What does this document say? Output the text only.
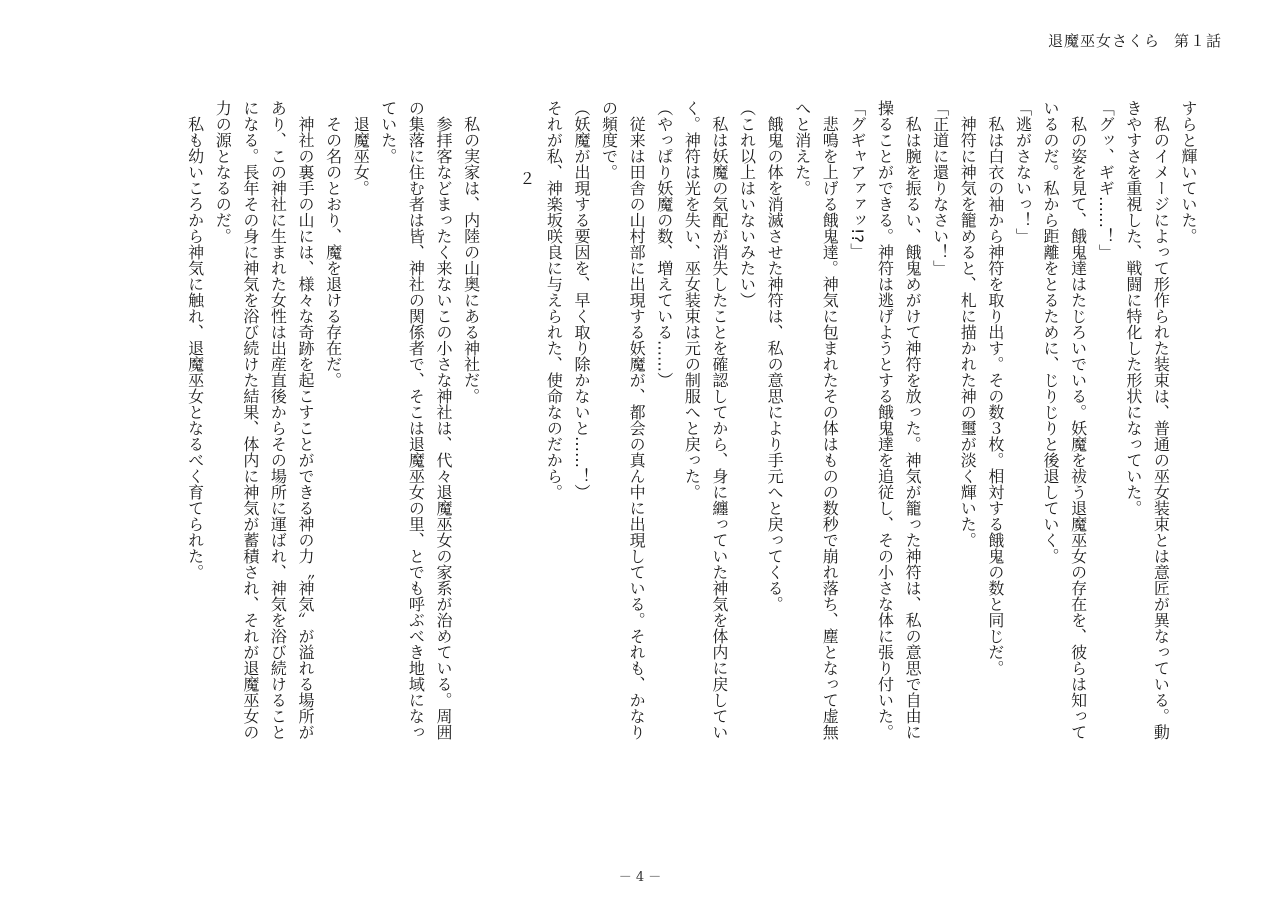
退魔巫女さくら 第１話

すらと輝いていた。

私のイメージによって形作られた装束は、普通の巫女装束とは意匠が異なっている。動

きやすさを重視した、戦闘に特化した形状になっていた。

「グッ、ギギ……！」

私の姿を見て、餓鬼達はたじろいでいる。妖魔を祓う退魔巫女の存在を、彼らは知って

いるのだ。私から距離をとるために、じりじりと後退していく。

「逃がさないっ！」

私は白衣の袖から神符を取り出す。その数３枚。相対する餓鬼の数と同じだ。

神符に神気を籠めると、札に描かれた神の璽が淡く輝いた。

「正道に還りなさい！」

私は腕を振るい、餓鬼めがけて神符を放った。神気が籠った神符は、私の意思で自由に

操ることができる。神符は逃げようとする餓鬼達を追従し、その小さな体に張り付いた。

「グギャアァァッ!?」

悲鳴を上げる餓鬼達。神気に包まれたその体はものの数秒で崩れ落ち、塵となって虚無

へと消えた。

餓鬼の体を消滅させた神符は、私の意思により手元へと戻ってくる。

（これ以上はいないみたい）

私は妖魔の気配が消失したことを確認してから、身に纏っていた神気を体内に戻してい

く。神符は光を失い、巫女装束は元の制服へと戻った。

（やっぱり妖魔の数、増えている……）

従来は田舎の山村部に出現する妖魔が、都会の真ん中に出現している。それも、かなり

の頻度で。

（妖魔が出現する要因を、早く取り除かないと……！）

それが私、神楽坂咲良に与えられた、使命なのだから。

２

私の実家は、内陸の山奥にある神社だ。

参拝客などまったく来ないこの小さな神社は、代々退魔巫女の家系が治めている。周囲

の集落に住む者は皆、神社の関係者で、そこは退魔巫女の里、とでも呼ぶべき地域になっ

ていた。

退魔巫女。

その名のとおり、魔を退ける存在だ。

神社の裏手の山には、様々な奇跡を起こすことができる神の力〝神気〟が溢れる場所が

あり、この神社に生まれた女性は出産直後からその場所に運ばれ、神気を浴び続けること

になる。長年その身に神気を浴び続けた結果、体内に神気が蓄積され、それが退魔巫女の

力の源となるのだ。

私も幼いころから神気に触れ、退魔巫女となるべく育てられた。

－ 4 －
